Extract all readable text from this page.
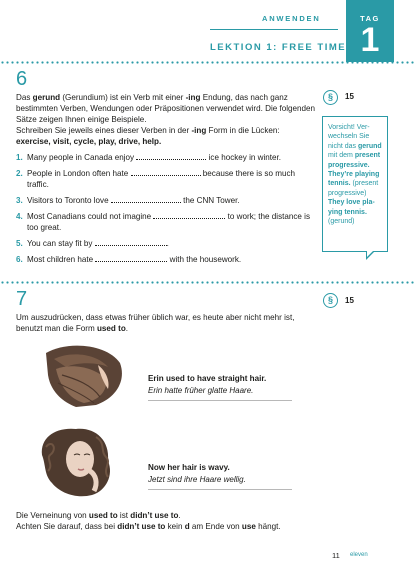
ANWENDEN
LEKTION 1: FREE TIME
TAG
1
6
§	15
Das gerund (Gerundium) ist ein Verb mit einer -ing Endung, das nach ganz bestimmten Verben, Wendungen oder Präpositionen verwendet wird. Die folgenden Sätze zeigen Ihnen einige Beispiele.
Schreiben Sie jeweils eines dieser Verben in der -ing Form in die Lücken:
exercise, visit, cycle, play, drive, help.
1. Many people in Canada enjoy	ice hockey in winter.
2. People in London often hate	because there is so much traffic.
3. Visitors to Toronto love	the CNN Tower.
4. Most Canadians could not imagine	to work; the distance is too great.
5. You can stay fit by	.
6. Most children hate	with the housework.
Vorsicht! Verwechseln Sie nicht das gerund mit dem present progressive.
They’re playing tennis. (present progressive) They love playing tennis. (gerund)
7	§	15
Um auszudrücken, dass etwas früher üblich war, es heute aber nicht mehr ist, benutzt man die Form used to.
Erin used to have straight hair.
Erin hatte früher glatte Haare.
Now her hair is wavy.
Jetzt sind ihre Haare wellig.
Die Verneinung von used to ist didn’t use to.
Achten Sie darauf, dass bei didn’t use to kein d am Ende von use hängt.
11 eleven
